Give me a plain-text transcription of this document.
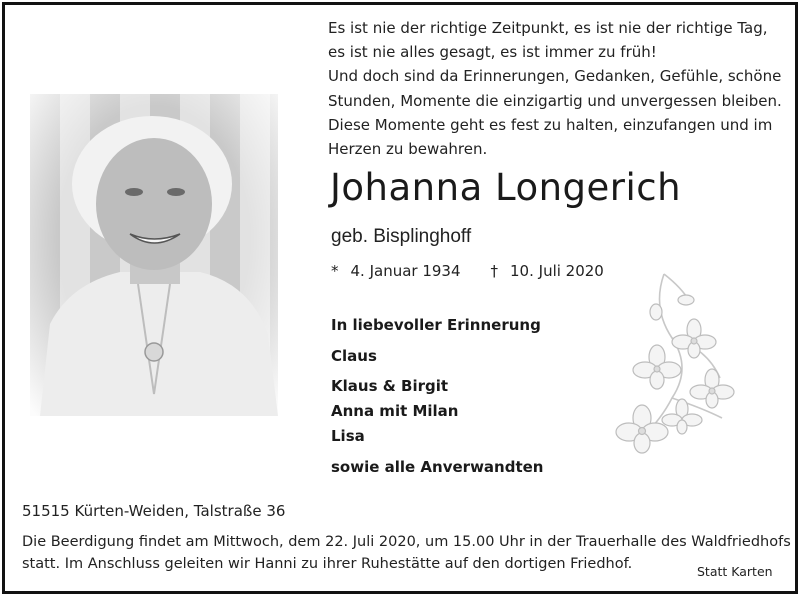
Es ist nie der richtige Zeitpunkt, es ist nie der richtige Tag,
es ist nie alles gesagt, es ist immer zu früh!
Und doch sind da Erinnerungen, Gedanken, Gefühle, schöne
Stunden, Momente die einzigartig und unvergessen bleiben.
Diese Momente geht es fest zu halten, einzufangen und im
Herzen zu bewahren.
Johanna Longerich
geb. Bisplinghoff
* 4. Januar 1934 † 10. Juli 2020
In liebevoller Erinnerung
Claus
Klaus & Birgit
Anna mit Milan
Lisa
sowie alle Anverwandten
51515 Kürten-Weiden, Talstraße 36
Die Beerdigung findet am Mittwoch, dem 22. Juli 2020, um 15.00 Uhr in der Trauerhalle des Waldfriedhofs
statt. Im Anschluss geleiten wir Hanni zu ihrer Ruhestätte auf den dortigen Friedhof.	Statt Karten
